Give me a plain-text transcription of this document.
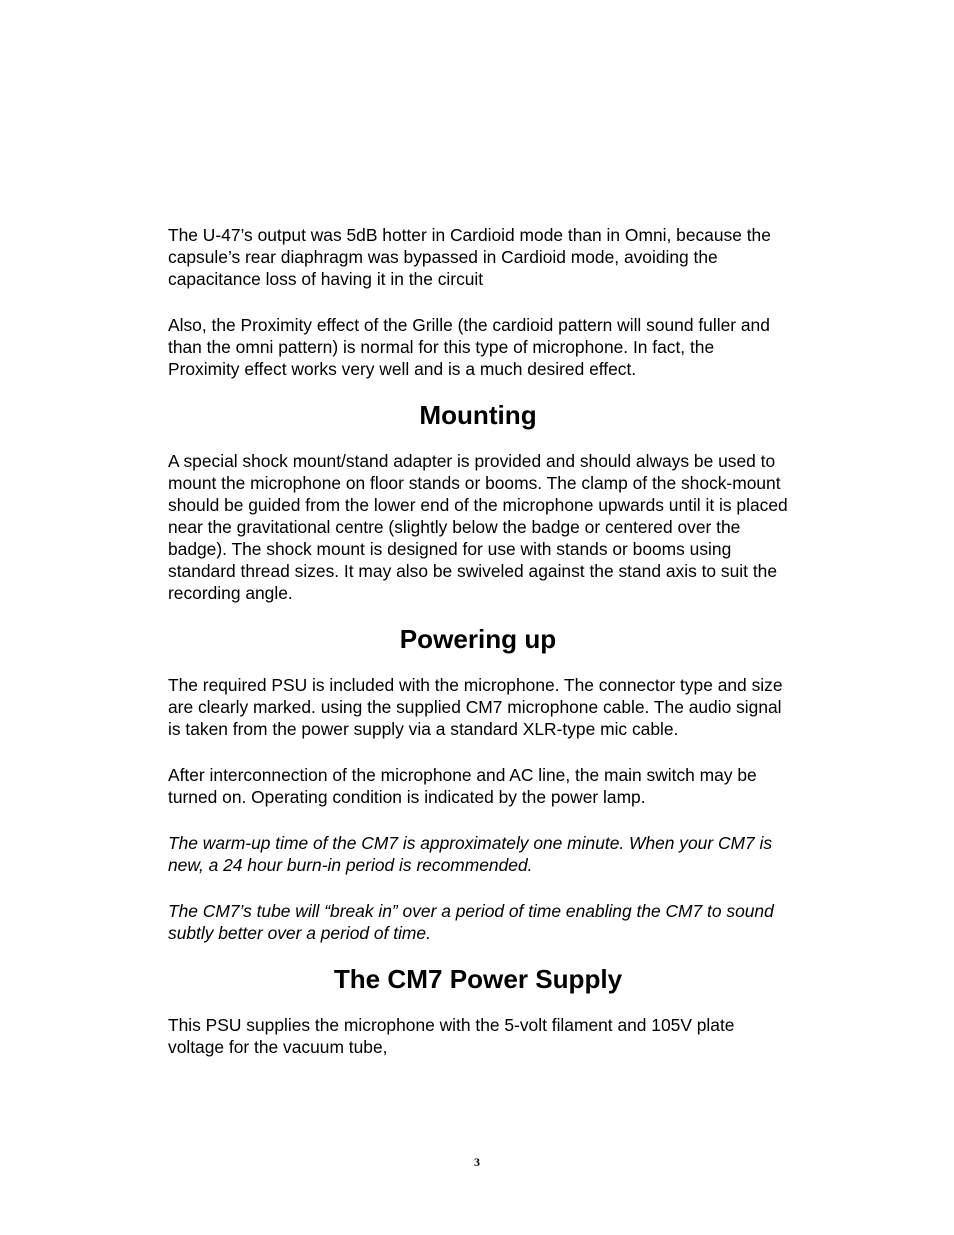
The U-47’s output was 5dB hotter in Cardioid mode than in Omni, because the capsule’s rear diaphragm was bypassed in Cardioid mode, avoiding the capacitance loss of having it in the circuit

Also, the Proximity effect of the Grille (the cardioid pattern will sound fuller and than the omni pattern) is normal for this type of microphone. In fact, the Proximity effect works very well and is a much desired effect.

Mounting

A special shock mount/stand adapter is provided and should always be used to mount the microphone on floor stands or booms. The clamp of the shock-mount should be guided from the lower end of the microphone upwards until it is placed near the gravitational centre (slightly below the badge or centered over the badge). The shock mount is designed for use with stands or booms using standard thread sizes. It may also be swiveled against the stand axis to suit the recording angle.

Powering up

The required PSU is included with the microphone. The connector type and size are clearly marked. using the supplied CM7 microphone cable. The audio signal is taken from the power supply via a standard XLR-type mic cable.

After interconnection of the microphone and AC line, the main switch may be turned on. Operating condition is indicated by the power lamp.

The warm-up time of the CM7 is approximately one minute. When your CM7 is new, a 24 hour burn-in period is recommended.

The CM7’s tube will “break in” over a period of time enabling the CM7 to sound subtly better over a period of time.

The CM7 Power Supply

This PSU supplies the microphone with the 5-volt filament and 105V plate voltage for the vacuum tube,

3
